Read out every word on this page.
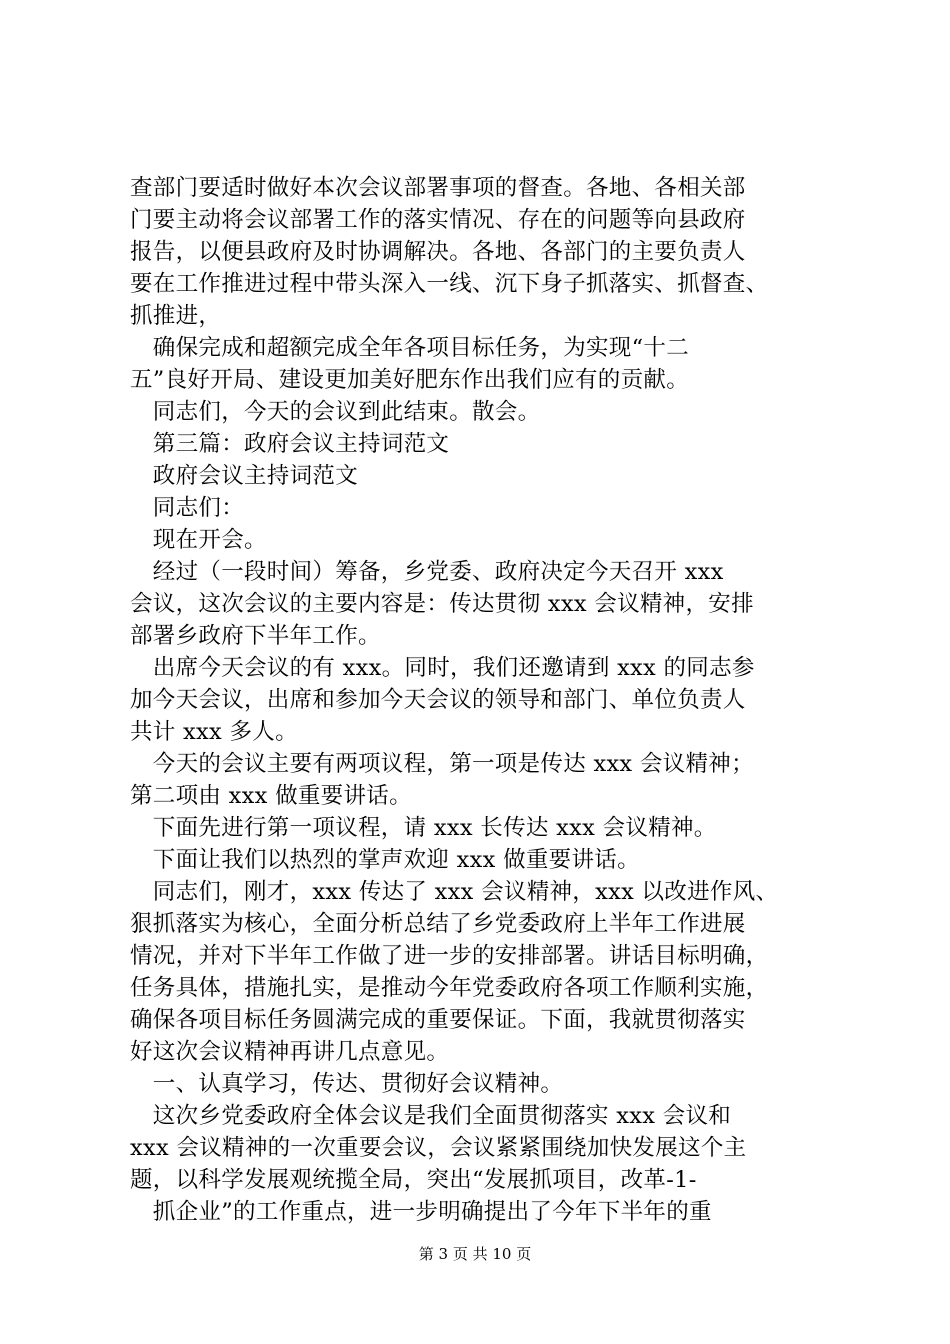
查部门要适时做好本次会议部署事项的督查。各地、各相关部
门要主动将会议部署工作的落实情况、存在的问题等向县政府
报告，以便县政府及时协调解决。各地、各部门的主要负责人
要在工作推进过程中带头深入一线、沉下身子抓落实、抓督查、
抓推进，
　确保完成和超额完成全年各项目标任务，为实现“十二
五”良好开局、建设更加美好肥东作出我们应有的贡献。
　同志们，今天的会议到此结束。散会。
　第三篇：政府会议主持词范文
　政府会议主持词范文
　同志们：
　现在开会。
　经过（一段时间）筹备，乡党委、政府决定今天召开 xxx
会议，这次会议的主要内容是：传达贯彻 xxx 会议精神，安排
部署乡政府下半年工作。
　出席今天会议的有 xxx。同时，我们还邀请到 xxx 的同志参
加今天会议，出席和参加今天会议的领导和部门、单位负责人
共计 xxx 多人。
　今天的会议主要有两项议程，第一项是传达 xxx 会议精神；
第二项由 xxx 做重要讲话。
　下面先进行第一项议程，请 xxx 长传达 xxx 会议精神。
　下面让我们以热烈的掌声欢迎 xxx 做重要讲话。
　同志们，刚才，xxx 传达了 xxx 会议精神，xxx 以改进作风、
狠抓落实为核心，全面分析总结了乡党委政府上半年工作进展
情况，并对下半年工作做了进一步的安排部署。讲话目标明确，
任务具体，措施扎实，是推动今年党委政府各项工作顺利实施，
确保各项目标任务圆满完成的重要保证。下面，我就贯彻落实
好这次会议精神再讲几点意见。
　一、认真学习，传达、贯彻好会议精神。
　这次乡党委政府全体会议是我们全面贯彻落实 xxx 会议和
xxx 会议精神的一次重要会议，会议紧紧围绕加快发展这个主
题，以科学发展观统揽全局，突出“发展抓项目，改革-1-
　抓企业”的工作重点，进一步明确提出了今年下半年的重
第 3 页 共 10 页
